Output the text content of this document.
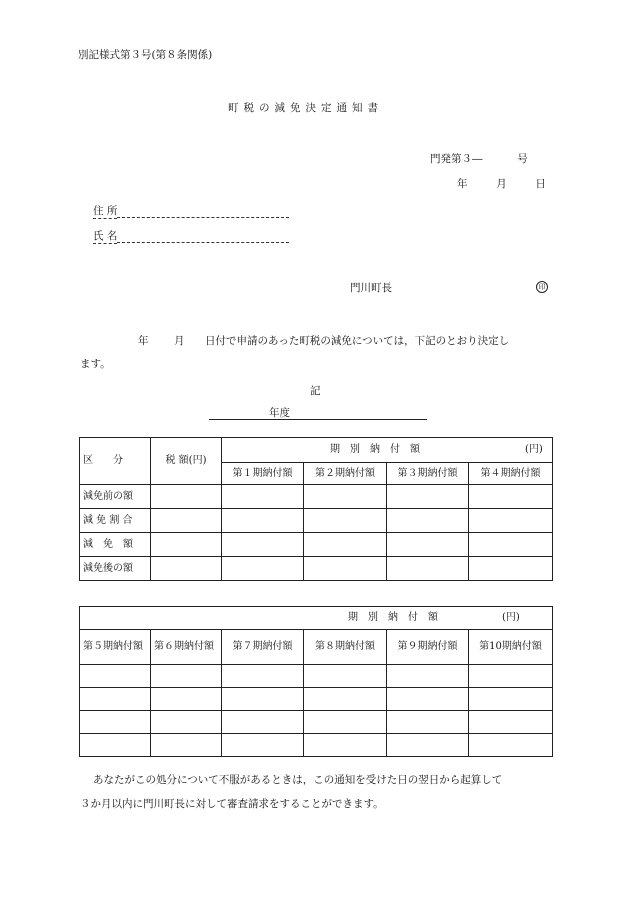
別記様式第３号(第８条関係)
町税の減免決定通知書
門発第３―	号
年	月	日
住 所
氏 名
門川町長	印
年 月 日付で申請のあった町税の減免については，下記のとおり決定し
ます。
記
年度
区　　分	税 額(円)	期　別　納　付　額 (円)			
		第１期納付額	第２期納付額	第３期納付額	第４期納付額
減免前の額					
減 免 割 合					
減　免　額					
減免後の額					
期　別　納　付　額 (円)					
第５期納付額	第６期納付額	第７期納付額	第８期納付額	第９期納付額	第10期納付額

あなたがこの処分について不服があるときは，この通知を受けた日の翌日から起算して
３か月以内に門川町長に対して審査請求をすることができます。
